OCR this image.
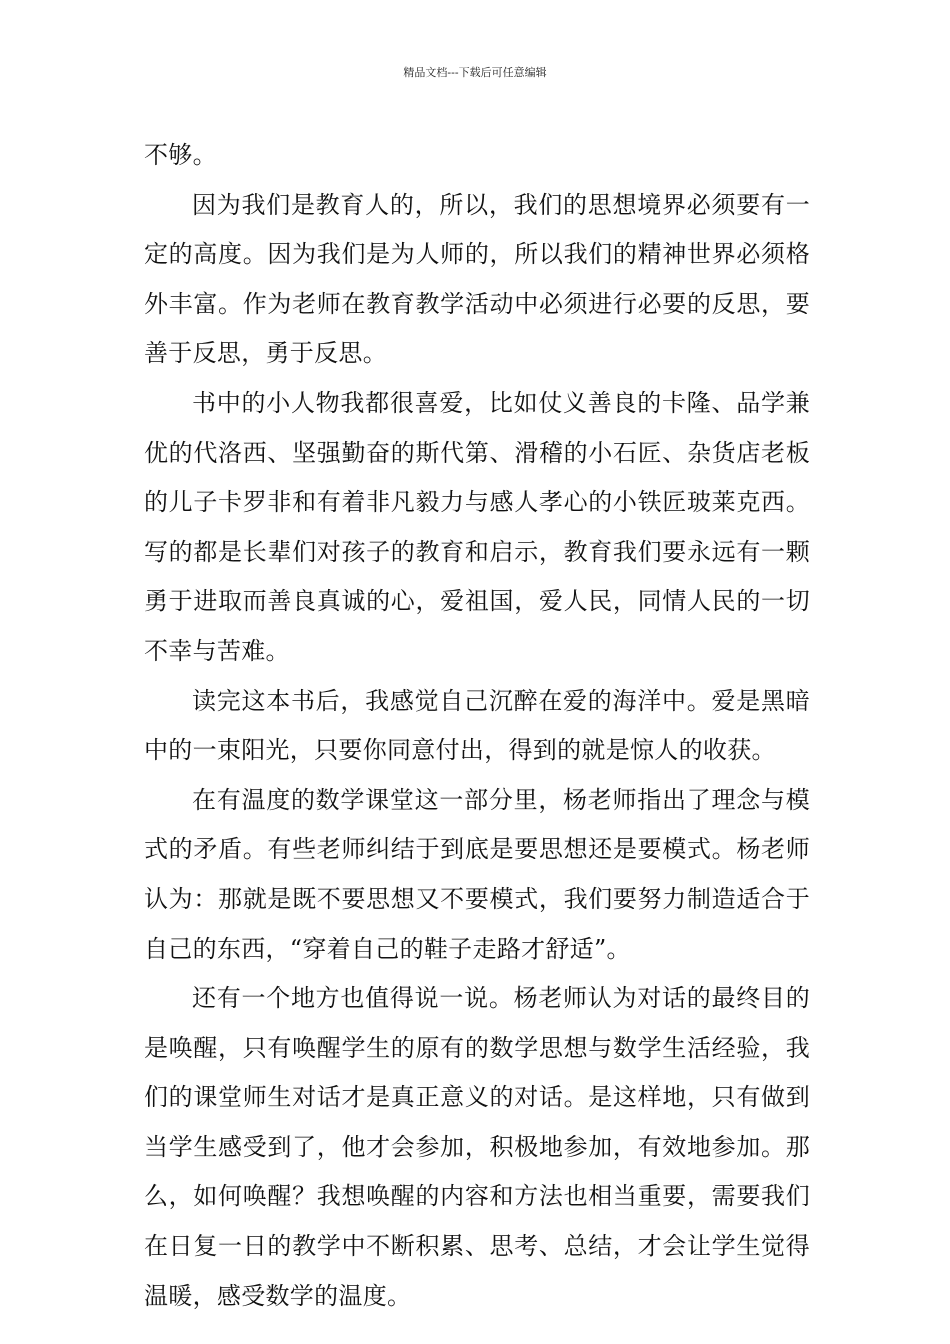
精品文档---下载后可任意编辑

不够。

因为我们是教育人的，所以，我们的思想境界必须要有一定的高度。因为我们是为人师的，所以我们的精神世界必须格外丰富。作为老师在教育教学活动中必须进行必要的反思，要善于反思，勇于反思。

书中的小人物我都很喜爱，比如仗义善良的卡隆、品学兼优的代洛西、坚强勤奋的斯代第、滑稽的小石匠、杂货店老板的儿子卡罗非和有着非凡毅力与感人孝心的小铁匠玻莱克西。写的都是长辈们对孩子的教育和启示，教育我们要永远有一颗勇于进取而善良真诚的心，爱祖国，爱人民，同情人民的一切不幸与苦难。

读完这本书后，我感觉自己沉醉在爱的海洋中。爱是黑暗中的一束阳光，只要你同意付出，得到的就是惊人的收获。

在有温度的数学课堂这一部分里，杨老师指出了理念与模式的矛盾。有些老师纠结于到底是要思想还是要模式。杨老师认为：那就是既不要思想又不要模式，我们要努力制造适合于自己的东西，“穿着自己的鞋子走路才舒适”。

还有一个地方也值得说一说。杨老师认为对话的最终目的是唤醒，只有唤醒学生的原有的数学思想与数学生活经验，我们的课堂师生对话才是真正意义的对话。是这样地，只有做到当学生感受到了，他才会参加，积极地参加，有效地参加。那么，如何唤醒？我想唤醒的内容和方法也相当重要，需要我们在日复一日的教学中不断积累、思考、总结，才会让学生觉得温暖，感受数学的温度。
